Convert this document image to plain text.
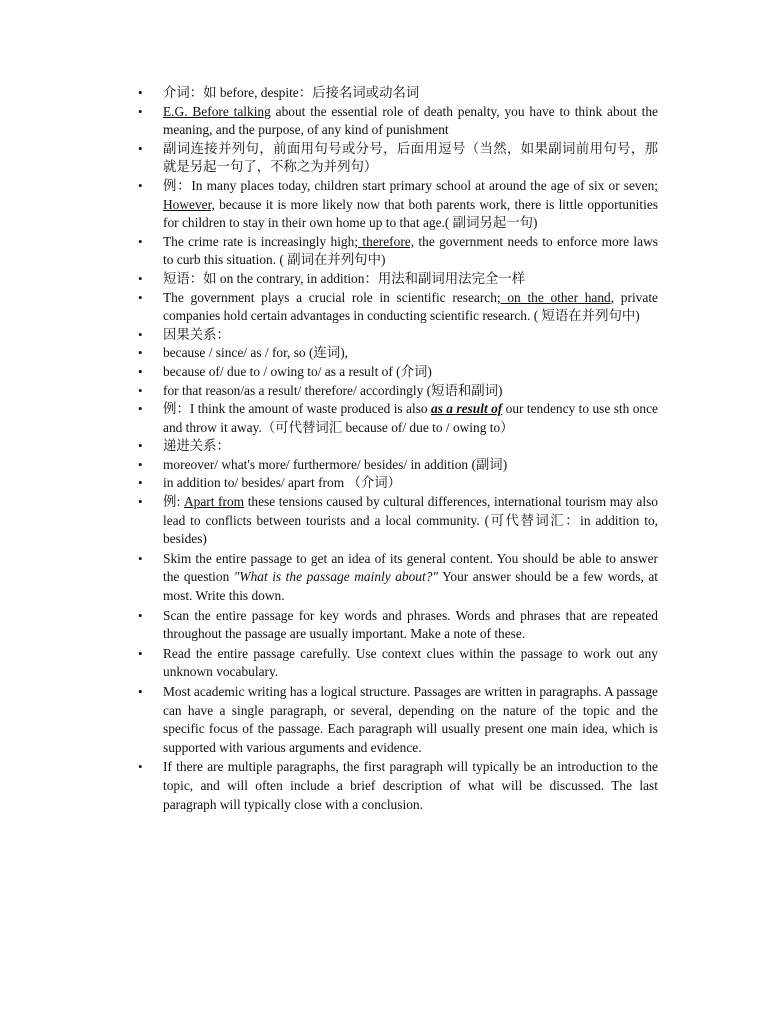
• 介词：如 before, despite：后接名词或动名词
• E.G. Before talking about the essential role of death penalty, you have to think about the meaning, and the purpose, of any kind of punishment
• 副词连接并列句，前面用句号或分号，后面用逗号（当然，如果副词前用句号，那就是另起一句了，不称之为并列句）
• 例：In many places today, children start primary school at around the age of six or seven; However, because it is more likely now that both parents work, there is little opportunities for children to stay in their own home up to that age.( 副词另起一句)
• The crime rate is increasingly high; therefore, the government needs to enforce more laws to curb this situation. ( 副词在并列句中)
• 短语：如 on the contrary, in addition：用法和副词用法完全一样
• The government plays a crucial role in scientific research; on the other hand, private companies hold certain advantages in conducting scientific research. ( 短语在并列句中)
• 因果关系：
• because / since/ as / for, so (连词),
• because of/ due to / owing to/ as a result of (介词)
• for that reason/as a result/ therefore/ accordingly (短语和副词)
• 例：I think the amount of waste produced is also as a result of our tendency to use sth once and throw it away.（可代替词汇 because of/ due to / owing to）
• 递进关系：
• moreover/ what's more/ furthermore/ besides/ in addition (副词)
• in addition to/ besides/ apart from （介词）
• 例: Apart from these tensions caused by cultural differences, international tourism may also lead to conflicts between tourists and a local community. (可代替词汇：in addition to, besides)
• Skim the entire passage to get an idea of its general content. You should be able to answer the question "What is the passage mainly about?" Your answer should be a few words, at most. Write this down.
• Scan the entire passage for key words and phrases. Words and phrases that are repeated throughout the passage are usually important. Make a note of these.
• Read the entire passage carefully. Use context clues within the passage to work out any unknown vocabulary.
• Most academic writing has a logical structure. Passages are written in paragraphs. A passage can have a single paragraph, or several, depending on the nature of the topic and the specific focus of the passage. Each paragraph will usually present one main idea, which is supported with various arguments and evidence.
• If there are multiple paragraphs, the first paragraph will typically be an introduction to the topic, and will often include a brief description of what will be discussed. The last paragraph will typically close with a conclusion.
